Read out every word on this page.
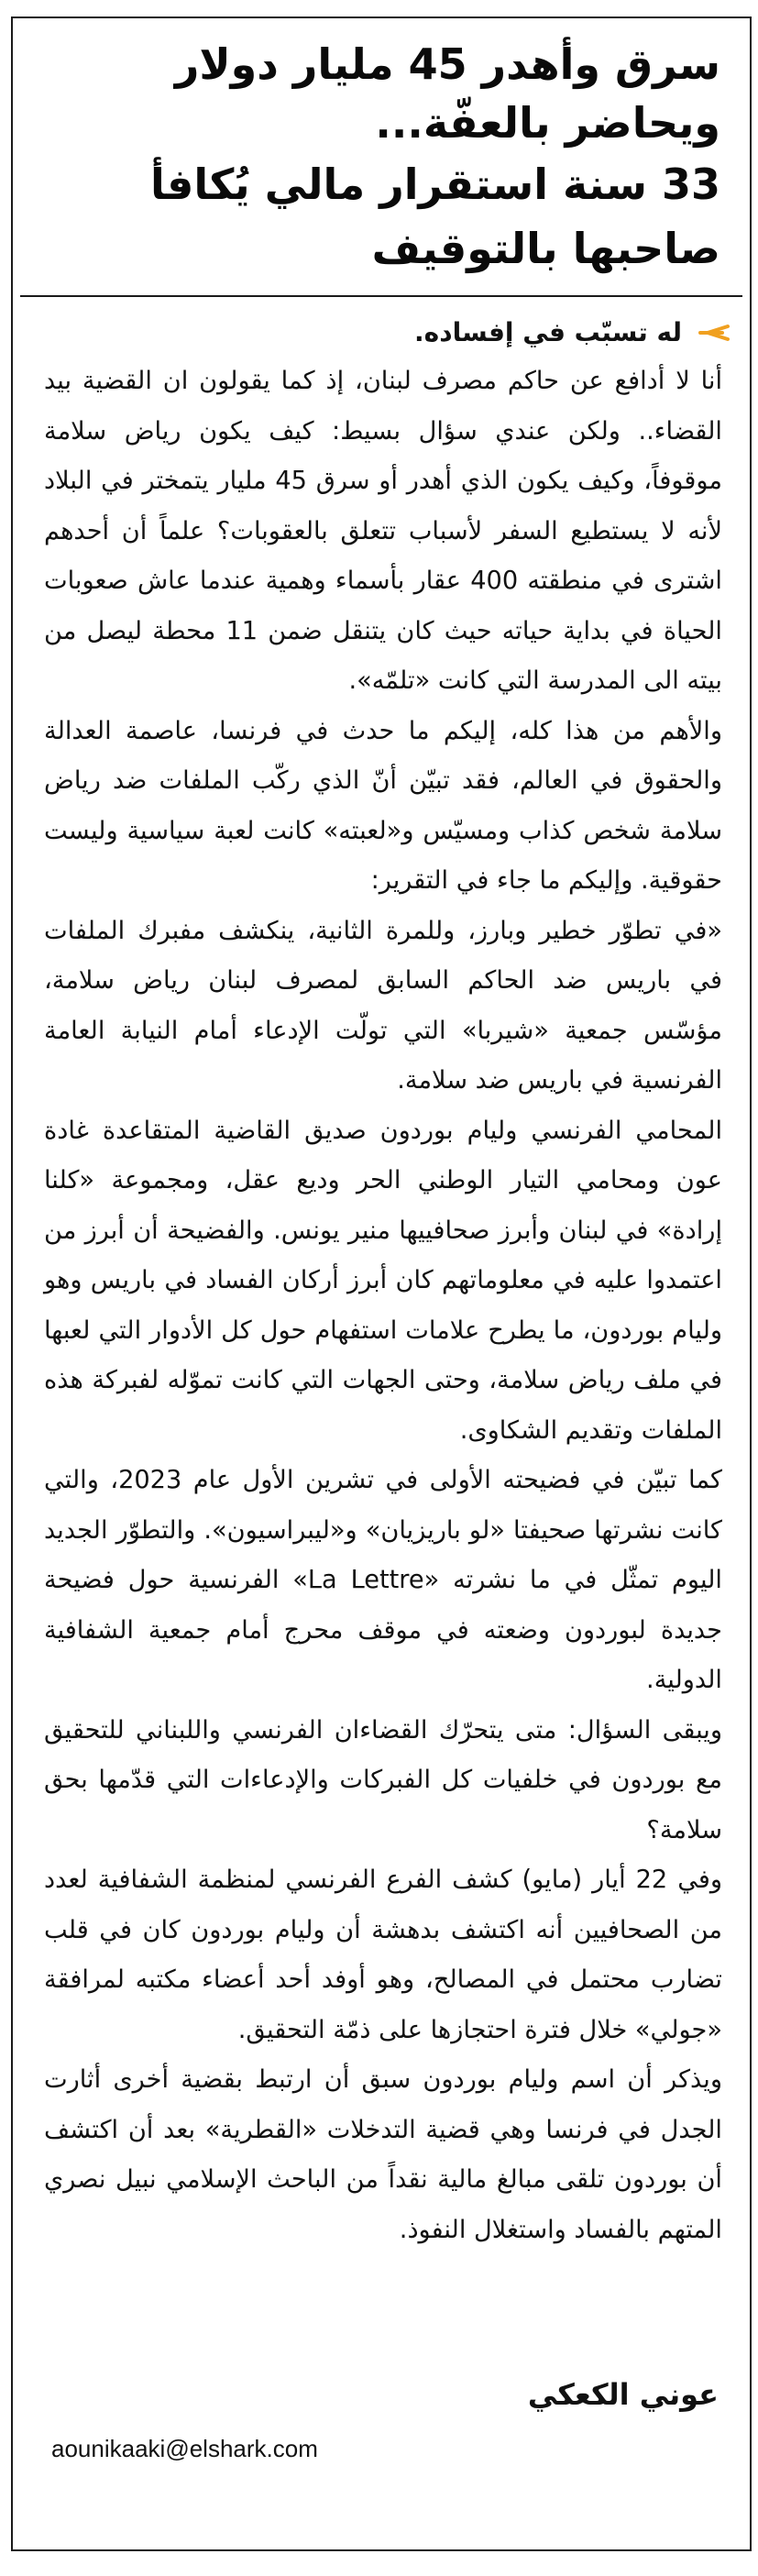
سرق وأهدر 45 مليار دولار ويحاضر بالعفّة...
33 سنة استقرار مالي يُكافأ صاحبها بالتوقيف
له تسبّب في إفساده.

أنا لا أدافع عن حاكم مصرف لبنان، إذ كما يقولون ان القضية بيد القضاء.. ولكن عندي سؤال بسيط: كيف يكون رياض سلامة موقوفاً، وكيف يكون الذي أهدر أو سرق 45 مليار يتمختر في البلاد لأنه لا يستطيع السفر لأسباب تتعلق بالعقوبات؟ علماً أن أحدهم اشترى في منطقته 400 عقار بأسماء وهمية عندما عاش صعوبات الحياة في بداية حياته حيث كان يتنقل ضمن 11 محطة ليصل من بيته الى المدرسة التي كانت «تلمّه».

والأهم من هذا كله، إليكم ما حدث في فرنسا، عاصمة العدالة والحقوق في العالم، فقد تبيّن أنّ الذي ركّب الملفات ضد رياض سلامة شخص كذاب ومسيّس و«لعبته» كانت لعبة سياسية وليست حقوقية. وإليكم ما جاء في التقرير:

«في تطوّر خطير وبارز، وللمرة الثانية، ينكشف مفبرك الملفات في باريس ضد الحاكم السابق لمصرف لبنان رياض سلامة، مؤسّس جمعية «شيربا» التي تولّت الإدعاء أمام النيابة العامة الفرنسية في باريس ضد سلامة.

المحامي الفرنسي وليام بوردون صديق القاضية المتقاعدة غادة عون ومحامي التيار الوطني الحر وديع عقل، ومجموعة «كلنا إرادة» في لبنان وأبرز صحافييها منير يونس. والفضيحة أن أبرز من اعتمدوا عليه في معلوماتهم كان أبرز أركان الفساد في باريس وهو وليام بوردون، ما يطرح علامات استفهام حول كل الأدوار التي لعبها في ملف رياض سلامة، وحتى الجهات التي كانت تموّله لفبركة هذه الملفات وتقديم الشكاوى.

كما تبيّن في فضيحته الأولى في تشرين الأول عام 2023، والتي كانت نشرتها صحيفتا «لو باريزيان» و«ليبراسيون». والتطوّر الجديد اليوم تمثّل في ما نشرته «La Lettre» الفرنسية حول فضيحة جديدة لبوردون وضعته في موقف محرج أمام جمعية الشفافية الدولية.

ويبقى السؤال: متى يتحرّك القضاءان الفرنسي واللبناني للتحقيق مع بوردون في خلفيات كل الفبركات والإدعاءات التي قدّمها بحق سلامة؟

وفي 22 أيار (مايو) كشف الفرع الفرنسي لمنظمة الشفافية لعدد من الصحافيين أنه اكتشف بدهشة أن وليام بوردون كان في قلب تضارب محتمل في المصالح، وهو أوفد أحد أعضاء مكتبه لمرافقة «جولي» خلال فترة احتجازها على ذمّة التحقيق.

ويذكر أن اسم وليام بوردون سبق أن ارتبط بقضية أخرى أثارت الجدل في فرنسا وهي قضية التدخلات «القطرية» بعد أن اكتشف أن بوردون تلقى مبالغ مالية نقداً من الباحث الإسلامي نبيل نصري المتهم بالفساد واستغلال النفوذ.

عوني الكعكي
aounikaaki@elshark.com
